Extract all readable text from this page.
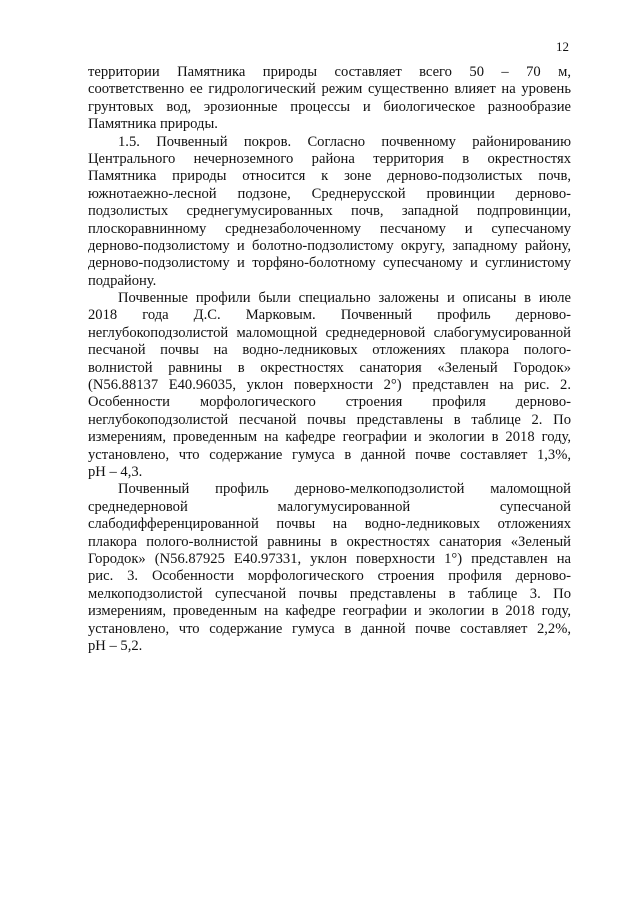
12
территории Памятника природы составляет всего 50 – 70 м,
соответственно ее гидрологический режим существенно влияет на уровень
грунтовых вод, эрозионные процессы и биологическое разнообразие
Памятника природы.
1.5. Почвенный покров. Согласно почвенному районированию
Центрального нечерноземного района территория в окрестностях
Памятника природы относится к зоне дерново-подзолистых почв,
южнотаежно-лесной подзоне, Среднерусской провинции дерново-
подзолистых среднегумусированных почв, западной подпровинции,
плоскоравнинному среднезаболоченному песчаному и супесчаному
дерново-подзолистому и болотно-подзолистому округу, западному району,
дерново-подзолистому и торфяно-болотному супесчаному и суглинистому
подрайону.
Почвенные профили были специально заложены и описаны в июле
2018 года Д.С. Марковым. Почвенный профиль дерново-
неглубокоподзолистой маломощной среднедерновой слабогумусированной
песчаной почвы на водно-ледниковых отложениях плакора полого-
волнистой равнины в окрестностях санатория «Зеленый Городок»
(N56.88137 E40.96035, уклон поверхности 2°) представлен на рис. 2.
Особенности морфологического строения профиля дерново-
неглубокоподзолистой песчаной почвы представлены в таблице 2. По
измерениям, проведенным на кафедре географии и экологии в 2018 году,
установлено, что содержание гумуса в данной почве составляет 1,3%,
pH – 4,3.
Почвенный профиль дерново-мелкоподзолистой маломощной
среднедерновой малогумусированной супесчаной
слабодифференцированной почвы на водно-ледниковых отложениях
плакора полого-волнистой равнины в окрестностях санатория «Зеленый
Городок» (N56.87925 E40.97331, уклон поверхности 1°) представлен на
рис. 3. Особенности морфологического строения профиля дерново-
мелкоподзолистой супесчаной почвы представлены в таблице 3. По
измерениям, проведенным на кафедре географии и экологии в 2018 году,
установлено, что содержание гумуса в данной почве составляет 2,2%,
pH – 5,2.
